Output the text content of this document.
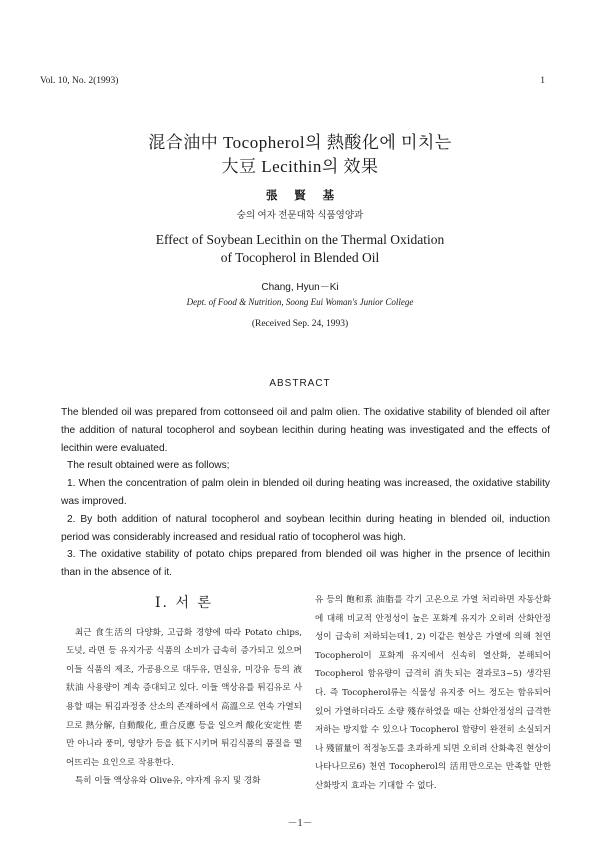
Vol. 10, No. 2(1993)	1
混合油中 Tocopherol의 熱酸化에 미치는
大豆 Lecithin의 效果
張 賢 基
숭의 여자 전문대학 식품영양과
Effect of Soybean Lecithin on the Thermal Oxidation
of Tocopherol in Blended Oil
Chang, Hyun－Ki
Dept. of Food & Nutrition, Soong Eui Woman's Junior College
(Received Sep. 24, 1993)
ABSTRACT

The blended oil was prepared from cottonseed oil and palm olien. The oxidative stability of blended oil after the addition of natural tocopherol and soybean lecithin during heating was investigated and the effects of lecithin were evaluated.

The result obtained were as follows;

1. When the concentration of palm olein in blended oil during heating was increased, the oxidative stability was improved.

2. By both addition of natural tocopherol and soybean lecithin during heating in blended oil, induction period was considerably increased and residual ratio of tocopherol was high.

3. The oxidative stability of potato chips prepared from blended oil was higher in the prsence of lecithin than in the absence of it.

I. 서 론

최근 食生活의 다양화, 고급화 경향에 따라 Potato chips, 도넛, 라면 등 유지가공 식품의 소비가 급속히 증가되고 있으며 이들 식품의 제조, 가공용으로 대두유, 면실유, 미강유 등의 液狀油 사용량이 계속 증대되고 있다. 이들 액상유를 튀김유로 사용할 때는 튀김과정중 산소의 존재하에서 高溫으로 연속 가열되므로 熱分解, 自動酸化, 重合反應 등을 일으켜 酸化安定性 뿐만 아니라 풍미, 영양가 등을 低下시키며 튀김식품의 품질을 떨어뜨리는 요인으로 작용한다.

특히 이들 액상유와 Olive유, 야자계 유지 및 경화

유 등의 飽和系 油脂를 각기 고온으로 가열 처리하면 자동산화에 대해 비교적 안정성이 높은 포화계 유지가 오히려 산화안정성이 급속히 저하되는데1, 2) 이같은 현상은 가열에 의해 천연 Tocopherol이 포화계 유지에서 신속히 열산화, 분해되어 Tocopherol 함유량이 급격히 消失되는 결과로3~5) 생각된다. 즉 Tocopherol류는 식물성 유지중 어느 정도는 함유되어 있어 가열하더라도 소량 殘存하였을 때는 산화안정성의 급격한 저하는 방지할 수 있으나 Tocopherol 함량이 완전히 소실되거나 殘留量이 적정농도를 초과하게 되면 오히려 산화촉진 현상이 나타나므로6) 천연 Tocopherol의 活用만으로는 만족할 만한 산화방지 효과는 기대할 수 없다.

－1－
